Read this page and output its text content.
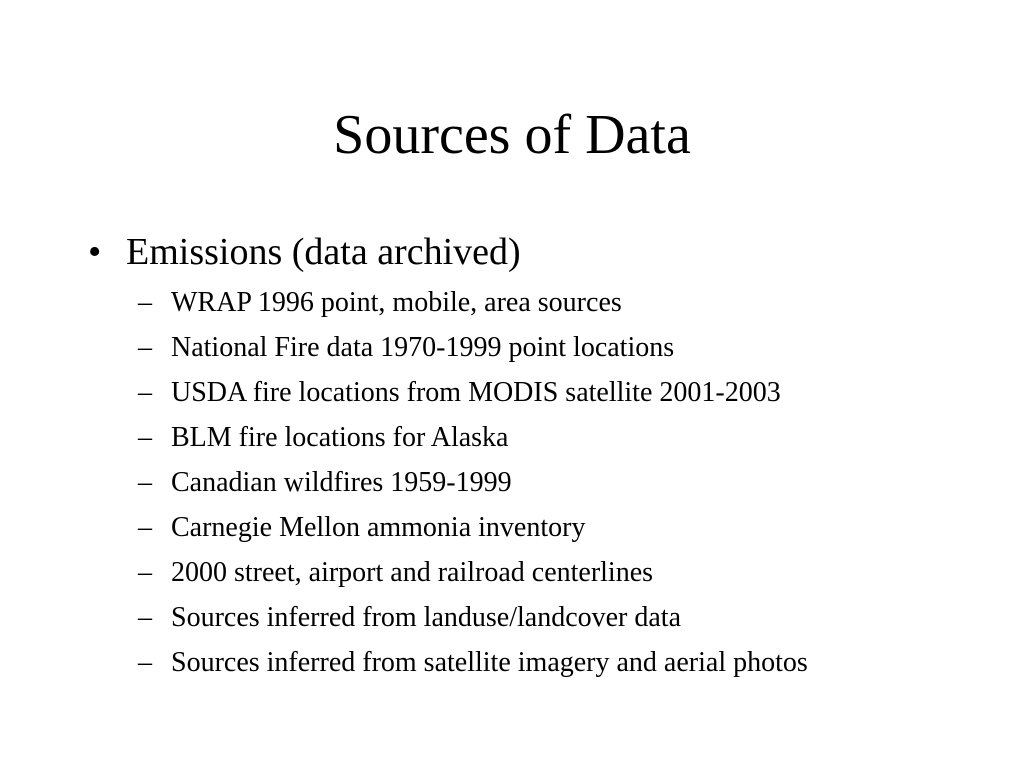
Sources of Data
• Emissions (data archived)
– WRAP 1996 point, mobile, area sources
– National Fire data 1970-1999 point locations
– USDA fire locations from MODIS satellite 2001-2003
– BLM fire locations for Alaska
– Canadian wildfires 1959-1999
– Carnegie Mellon ammonia inventory
– 2000 street, airport and railroad centerlines
– Sources inferred from landuse/landcover data
– Sources inferred from satellite imagery and aerial photos
